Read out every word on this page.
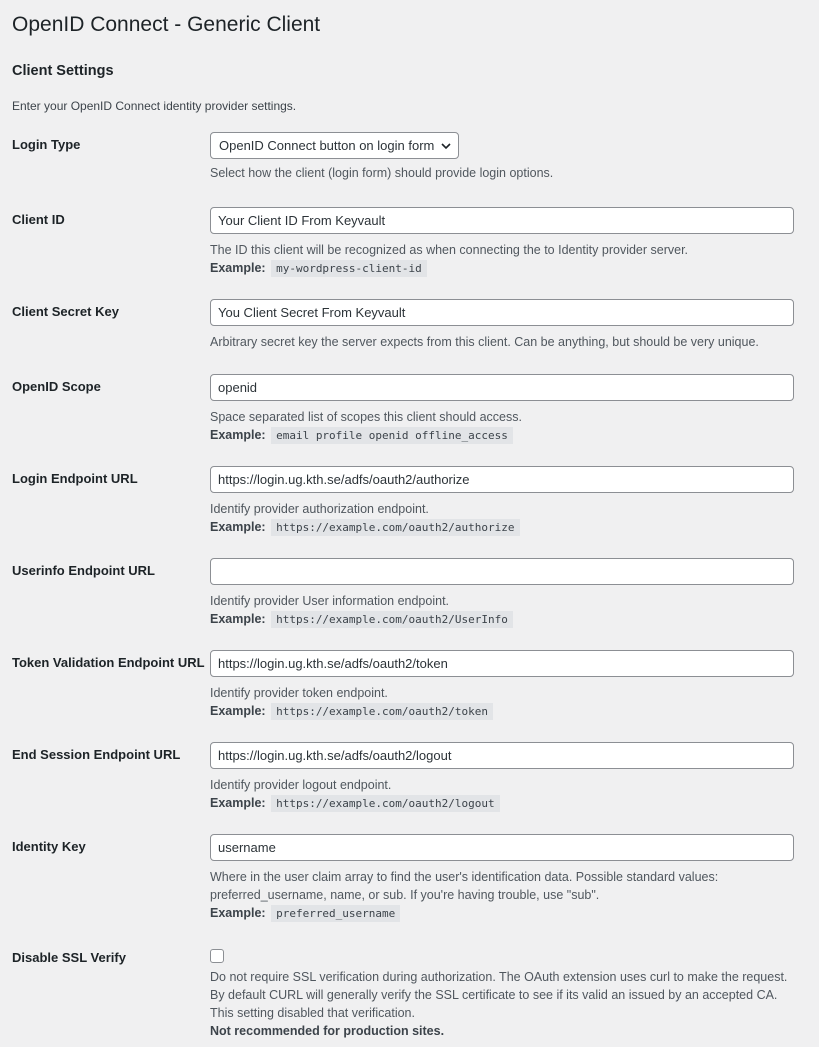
OpenID Connect - Generic Client
Client Settings

Enter your OpenID Connect identity provider settings.

Login Type	OpenID Connect button on login form

Select how the client (login form) should provide login options.

Client ID
Your Client ID From Keyvault

The ID this client will be recognized as when connecting the to Identity provider server.

Example: my-wordpress-client-id

Client Secret Key
You Client Secret From Keyvault

Arbitrary secret key the server expects from this client. Can be anything, but should be very unique.

OpenID Scope
openid

Space separated list of scopes this client should access.

Example: email profile openid offline_access

Login Endpoint URL
https://login.ug.kth.se/adfs/oauth2/authorize

Identify provider authorization endpoint.

Example: https://example.com/oauth2/authorize

Userinfo Endpoint URL

Identify provider User information endpoint.

Example: https://example.com/oauth2/UserInfo

Token Validation Endpoint URL
https://login.ug.kth.se/adfs/oauth2/token

Identify provider token endpoint.

Example: https://example.com/oauth2/token

End Session Endpoint URL
https://login.ug.kth.se/adfs/oauth2/logout

Identify provider logout endpoint.

Example: https://example.com/oauth2/logout

Identity Key
username

Where in the user claim array to find the user's identification data. Possible standard values: preferred_username, name, or sub. If you're having trouble, use "sub".

Example: preferred_username

Disable SSL Verify

Do not require SSL verification during authorization. The OAuth extension uses curl to make the request. By default CURL will generally verify the SSL certificate to see if its valid an issued by an accepted CA. This setting disabled that verification.

Not recommended for production sites.
